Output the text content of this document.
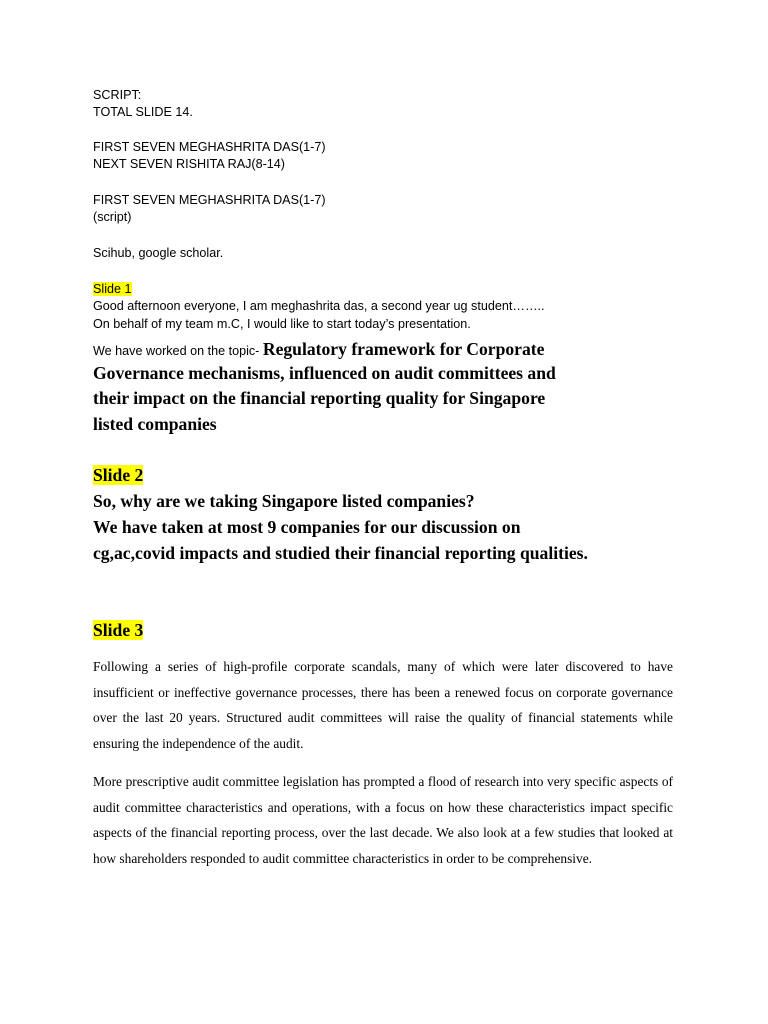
SCRIPT:

TOTAL SLIDE 14.

FIRST SEVEN MEGHASHRITA DAS(1-7)

NEXT SEVEN RISHITA RAJ(8-14)

FIRST SEVEN MEGHASHRITA DAS(1-7)

(script)

Scihub, google scholar.

Slide 1

Good afternoon everyone, I am meghashrita das, a second year ug student……..

On behalf of my team m.C, I would like to start today’s presentation.

We have worked on the topic- Regulatory framework for Corporate

Governance mechanisms, influenced on audit committees and

their impact on the financial reporting quality for Singapore

listed companies

Slide 2

So, why are we taking Singapore listed companies?

We have taken at most 9 companies for our discussion on

cg,ac,covid impacts and studied their financial reporting qualities.

Slide 3

Following a series of high-profile corporate scandals, many of which were later discovered to have insufficient or ineffective governance processes, there has been a renewed focus on corporate governance over the last 20 years. Structured audit committees will raise the quality of financial statements while ensuring the independence of the audit.

More prescriptive audit committee legislation has prompted a flood of research into very specific aspects of audit committee characteristics and operations, with a focus on how these characteristics impact specific aspects of the financial reporting process, over the last decade. We also look at a few studies that looked at how shareholders responded to audit committee characteristics in order to be comprehensive.
